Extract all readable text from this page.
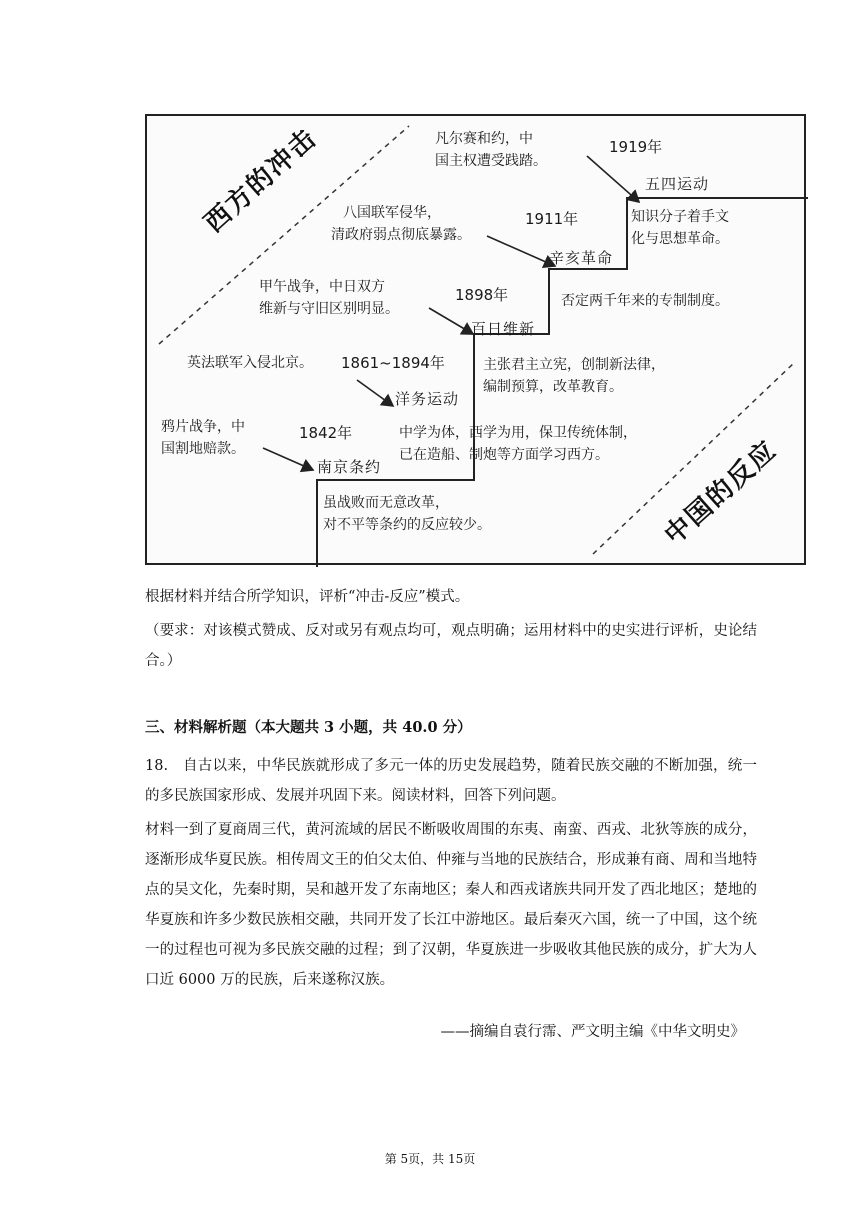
西方的冲击
中国的反应
凡尔赛和约，中
国主权遭受践踏。
1919年
五四运动
知识分子着手文
化与思想革命。
八国联军侵华，
清政府弱点彻底暴露。
1911年
辛亥革命
否定两千年来的专制制度。
甲午战争，中日双方
维新与守旧区别明显。
1898年
百日维新
主张君主立宪，创制新法律，
编制预算，改革教育。
英法联军入侵北京。 1861~1894年
洋务运动
中学为体，西学为用，保卫传统体制，
已在造船、制炮等方面学习西方。
鸦片战争，中
国割地赔款。
1842年
南京条约
虽战败而无意改革，
对不平等条约的反应较少。

根据材料并结合所学知识，评析“冲击-反应”模式。

（要求：对该模式赞成、反对或另有观点均可，观点明确；运用材料中的史实进行评析，史论结合。）

三、材料解析题（本大题共 3 小题，共 40.0 分）

18.　自古以来，中华民族就形成了多元一体的历史发展趋势，随着民族交融的不断加强，统一的多民族国家形成、发展并巩固下来。阅读材料，回答下列问题。

材料一到了夏商周三代，黄河流域的居民不断吸收周围的东夷、南蛮、西戎、北狄等族的成分，逐渐形成华夏民族。相传周文王的伯父太伯、仲雍与当地的民族结合，形成兼有商、周和当地特点的吴文化，先秦时期，吴和越开发了东南地区；秦人和西戎诸族共同开发了西北地区；楚地的华夏族和许多少数民族相交融，共同开发了长江中游地区。最后秦灭六国，统一了中国，这个统一的过程也可视为多民族交融的过程；到了汉朝，华夏族进一步吸收其他民族的成分，扩大为人口近 6000 万的民族，后来遂称汉族。

——摘编自袁行霈、严文明主编《中华文明史》

第 5页，共 15页
